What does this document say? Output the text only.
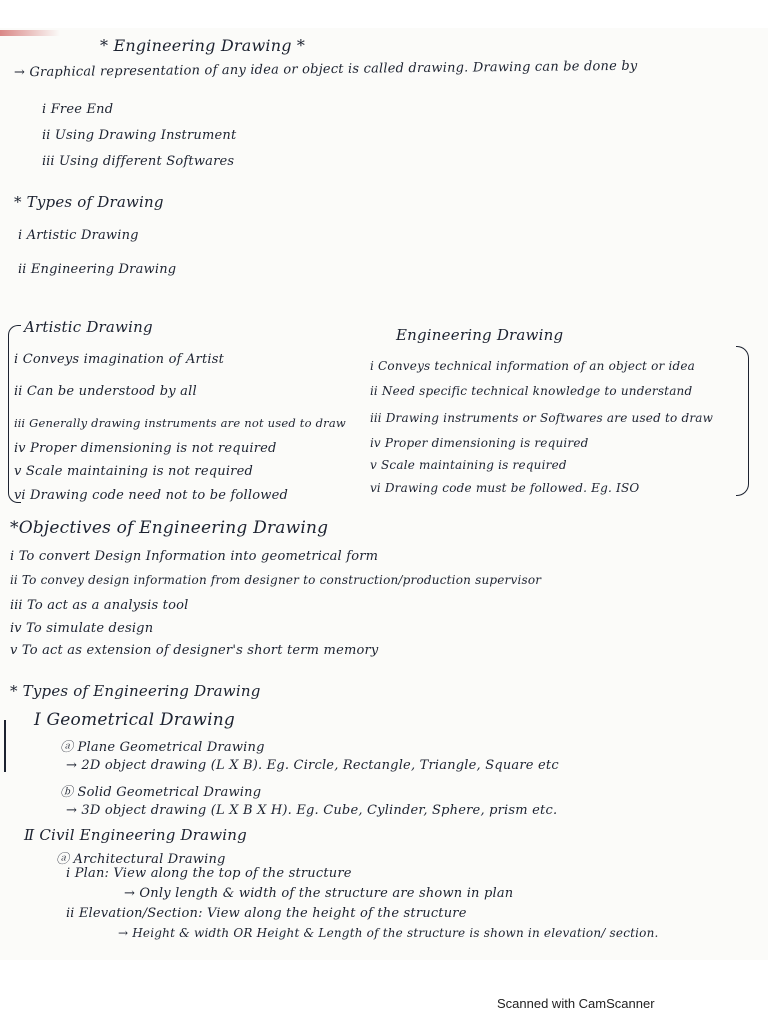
* Engineering Drawing *
→ Graphical representation of any idea or object is called drawing. Drawing can be done by
ⅰ Free End
ⅱ Using Drawing Instrument
ⅲ Using different Softwares
* Types of Drawing
ⅰ Artistic Drawing
ⅱ Engineering Drawing
Artistic Drawing	Engineering Drawing
ⅰ Conveys imagination of Artist
ⅱ Can be understood by all
ⅲ Generally drawing instruments are not used to draw
ⅳ Proper dimensioning is not required
ⅴ Scale maintaining is not required
ⅵ Drawing code need not to be followed
ⅰ Conveys technical information of an object or idea
ⅱ Need specific technical knowledge to understand
ⅲ Drawing instruments or Softwares are used to draw
ⅳ Proper dimensioning is required
ⅴ Scale maintaining is required
ⅵ Drawing code must be followed. Eg. ISO
*Objectives of Engineering Drawing
ⅰ To convert Design Information into geometrical form
ⅱ To convey design information from designer to construction/production supervisor
ⅲ To act as a analysis tool
ⅳ To simulate design
ⅴ To act as extension of designer's short term memory
* Types of Engineering Drawing
Ⅰ Geometrical Drawing
ⓐ Plane Geometrical Drawing
→ 2D object drawing (L X B). Eg. Circle, Rectangle, Triangle, Square etc
ⓑ Solid Geometrical Drawing
→ 3D object drawing (L X B X H). Eg. Cube, Cylinder, Sphere, prism etc.
Ⅱ Civil Engineering Drawing
ⓐ Architectural Drawing
ⅰ Plan: View along the top of the structure
→ Only length & width of the structure are shown in plan
ⅱ Elevation/Section: View along the height of the structure
→ Height & width OR Height & Length of the structure is shown in elevation/ section.
Scanned with CamScanner
